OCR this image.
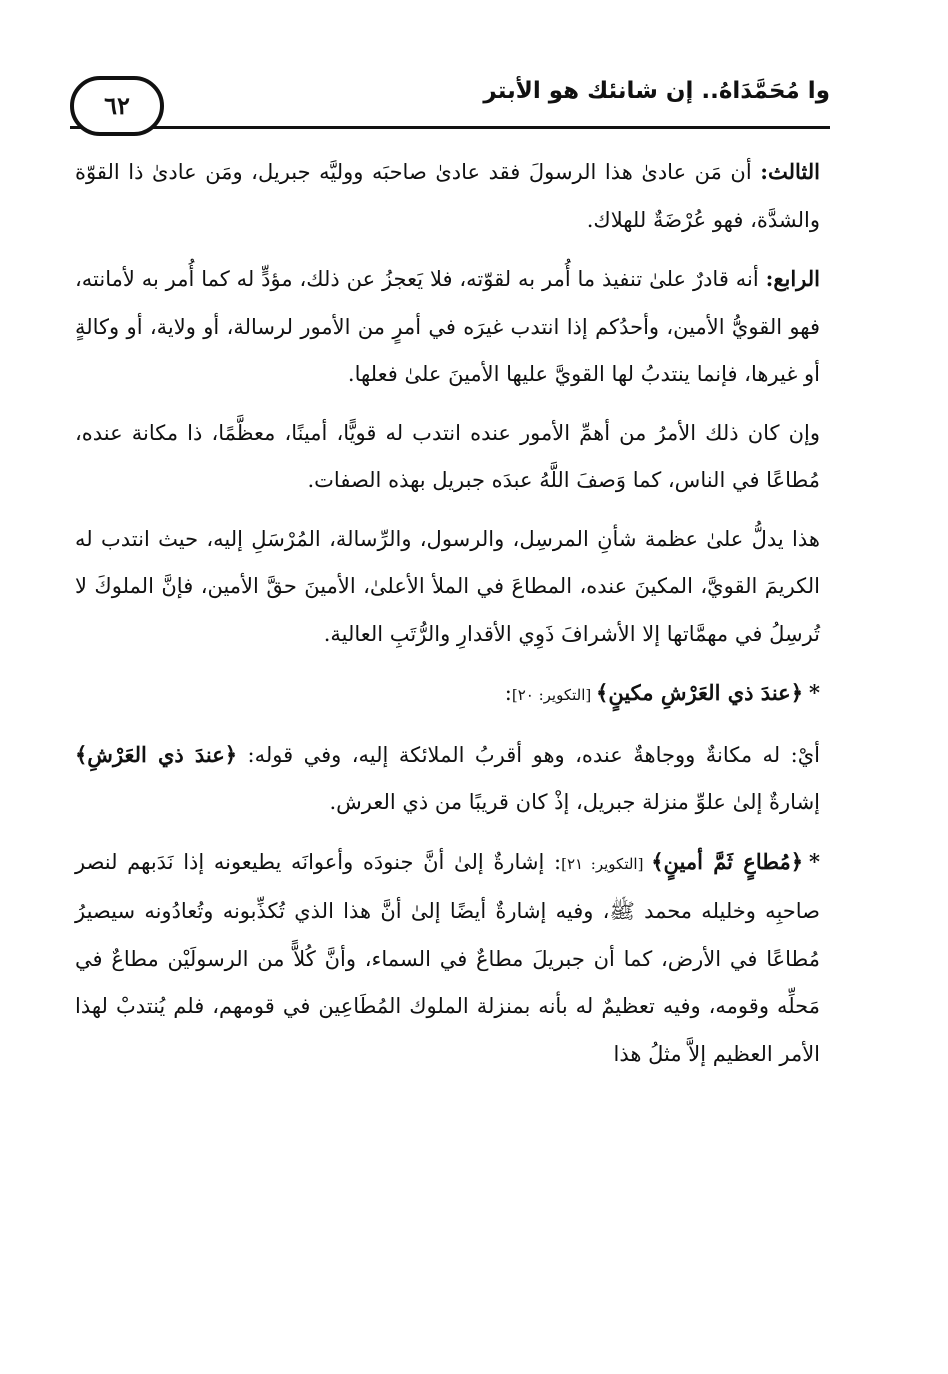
٦٢	وا مُحَمَّدَاهُ.. إن شانئك هو الأبتر

الثالث: أن مَن عادىٰ هذا الرسولَ فقد عادىٰ صاحبَه ووليَّه جبريل، ومَن عادىٰ ذا القوّة والشدَّة، فهو عُرْضَةٌ للهلاك.

الرابع: أنه قادرٌ علىٰ تنفيذ ما أُمر به لقوّته، فلا يَعجزُ عن ذلك، مؤدٍّ له كما أُمر به لأمانته، فهو القويُّ الأمين، وأحدُكم إذا انتدب غيرَه في أمرٍ من الأمور لرسالة، أو ولاية، أو وكالةٍ أو غيرها، فإنما ينتدبُ لها القويَّ عليها الأمينَ علىٰ فعلها.

وإن كان ذلك الأمرُ من أهمِّ الأمور عنده انتدب له قويًّا، أمينًا، معظَّمًا، ذا مكانة عنده، مُطاعًا في الناس، كما وَصفَ اللَّهُ عبدَه جبريل بهذه الصفات.

هذا يدلُّ علىٰ عظمة شأنِ المرسِل، والرسول، والرِّسالة، المُرْسَلِ إليه، حيث انتدب له الكريمَ القويَّ، المكينَ عنده، المطاعَ في الملأ الأعلىٰ، الأمينَ حقَّ الأمين، فإنَّ الملوكَ لا تُرسِلُ في مهمَّاتها إلا الأشرافَ ذَوِي الأقدارِ والرُّتَبِ العالية.

*﴿عندَ ذي العَرْشِ مكينٍ﴾ [التكوير: ٢٠]:

أيْ: له مكانةٌ ووجاهةٌ عنده، وهو أقربُ الملائكة إليه، وفي قوله: ﴿عندَ ذي العَرْشِ﴾ إشارةٌ إلىٰ علوِّ منزلة جبريل، إذْ كان قريبًا من ذي العرش.

*﴿مُطاعٍ ثَمَّ أمينٍ﴾ [التكوير: ٢١]: إشارةٌ إلىٰ أنَّ جنودَه وأعوانَه يطيعونه إذا نَدَبهم لنصر صاحبِه وخليله محمد ﷺ، وفيه إشارةٌ أيضًا إلىٰ أنَّ هذا الذي تُكذِّبونه وتُعادُونه سيصيرُ مُطاعًا في الأرض، كما أن جبريلَ مطاعٌ في السماء، وأنَّ كُلاًّ من الرسولَيْن مطاعٌ في مَحلِّه وقومه، وفيه تعظيمٌ له بأنه بمنزلة الملوك المُطَاعِين في قومهم، فلم يُنتدبْ لهذا الأمر العظيم إلاَّ مثلُ هذا
